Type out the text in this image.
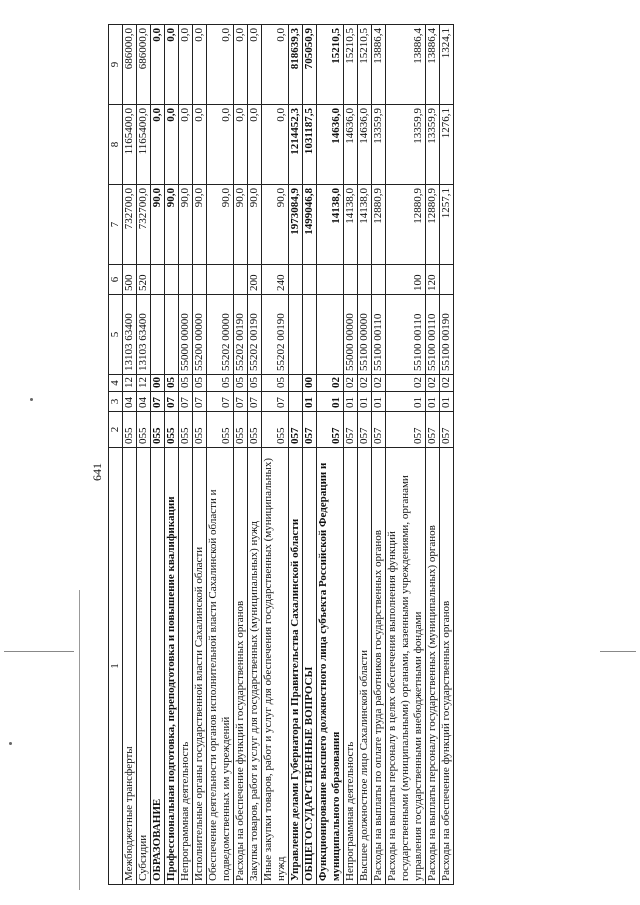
641
1	2	3	4	5	6	7	8	9
Межбюджетные трансферты	055	04	12	13103 63400	500	732700,0	1165400,0	686000,0
Субсидии	055	04	12	13103 63400	520	732700,0	1165400,0	686000,0
ОБРАЗОВАНИЕ	055	07	00			90,0	0,0	0,0
Профессиональная подготовка, переподготовка и повышение квалификации	055	07	05			90,0	0,0	0,0
Непрограммная деятельность	055	07	05	55000 00000		90,0	0,0	0,0
Исполнительные органы государственной власти Сахалинской области	055	07	05	55200 00000		90,0	0,0	0,0
Обеспечение деятельности органов исполнительной власти Сахалинской области и подведомственных им учреждений	055	07	05	55202 00000		90,0	0,0	0,0
Расходы на обеспечение функций государственных органов	055	07	05	55202 00190		90,0	0,0	0,0
Закупка товаров, работ и услуг для государственных (муниципальных) нужд	055	07	05	55202 00190	200	90,0	0,0	0,0
Иные закупки товаров, работ и услуг для обеспечения государственных (муниципальных) нужд	055	07	05	55202 00190	240	90,0	0,0	0,0
Управление делами Губернатора и Правительства Сахалинской области	057					1973084,9	1214452,3	818639,3
ОБЩЕГОСУДАРСТВЕННЫЕ ВОПРОСЫ	057	01	00			1499046,8	1031187,5	705050,9
Функционирование высшего должностного лица субъекта Российской Федерации и муниципального образования	057	01	02			14138,0	14636,0	15210,5
Непрограммная деятельность	057	01	02	55000 00000		14138,0	14636,0	15210,5
Высшее должностное лицо Сахалинской области	057	01	02	55100 00000		14138,0	14636,0	15210,5
Расходы на выплаты по оплате труда работников государственных органов	057	01	02	55100 00110		12880,9	13359,9	13886,4
Расходы на выплаты персоналу в целях обеспечения выполнения функций государственными (муниципальными) органами, казенными учреждениями, органами управления государственными внебюджетными фондами	057	01	02	55100 00110	100	12880,9	13359,9	13886,4
Расходы на выплаты персоналу государственных (муниципальных) органов	057	01	02	55100 00110	120	12880,9	13359,9	13886,4
Расходы на обеспечение функций государственных органов	057	01	02	55100 00190		1257,1	1276,1	1324,1
